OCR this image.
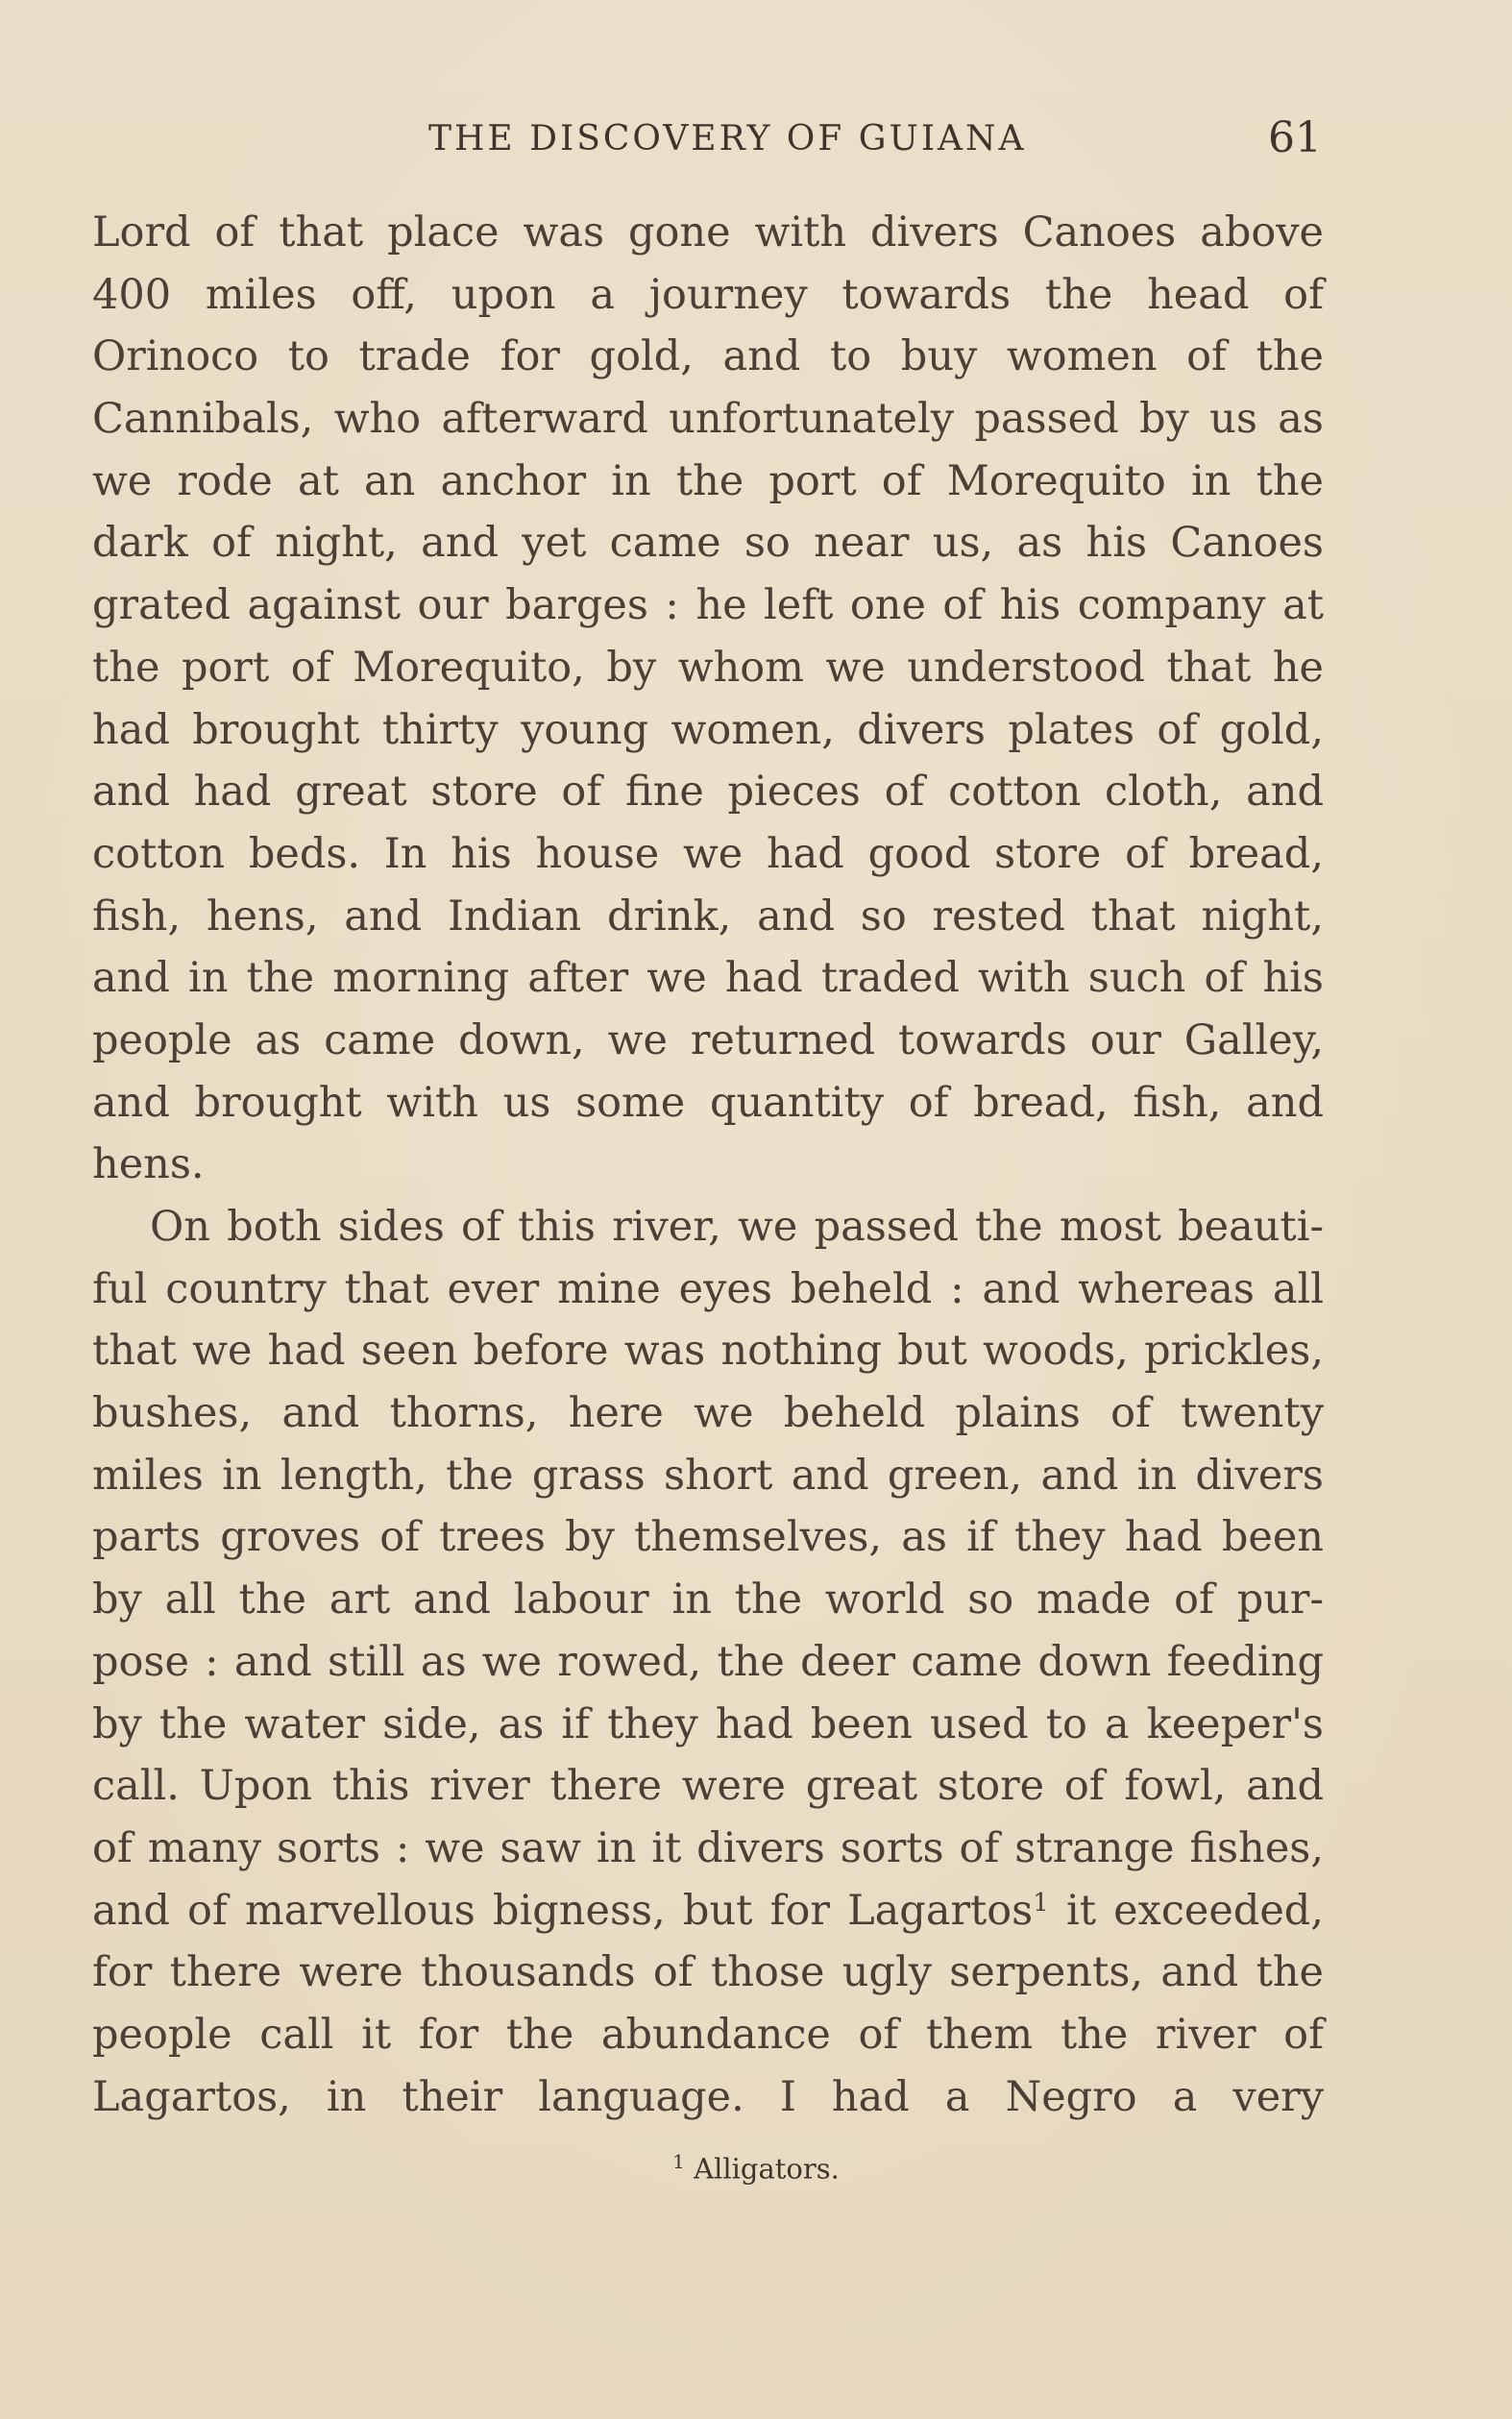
THE DISCOVERY OF GUIANA	61
Lord of that place was gone with divers Canoes above
400 miles off, upon a journey towards the head of
Orinoco to trade for gold, and to buy women of the
Cannibals, who afterward unfortunately passed by us as
we rode at an anchor in the port of Morequito in the
dark of night, and yet came so near us, as his Canoes
grated against our barges : he left one of his company at
the port of Morequito, by whom we understood that he
had brought thirty young women, divers plates of gold,
and had great store of fine pieces of cotton cloth, and
cotton beds. In his house we had good store of bread,
fish, hens, and Indian drink, and so rested that night,
and in the morning after we had traded with such of his
people as came down, we returned towards our Galley,
and brought with us some quantity of bread, fish, and
hens.
On both sides of this river, we passed the most beauti-
ful country that ever mine eyes beheld : and whereas all
that we had seen before was nothing but woods, prickles,
bushes, and thorns, here we beheld plains of twenty
miles in length, the grass short and green, and in divers
parts groves of trees by themselves, as if they had been
by all the art and labour in the world so made of pur-
pose : and still as we rowed, the deer came down feeding
by the water side, as if they had been used to a keeper's
call. Upon this river there were great store of fowl, and
of many sorts : we saw in it divers sorts of strange fishes,
and of marvellous bigness, but for Lagartos$^1$ it exceeded,
for there were thousands of those ugly serpents, and the
people call it for the abundance of them the river of
Lagartos, in their language. I had a Negro a very
$^1$ Alligators.
